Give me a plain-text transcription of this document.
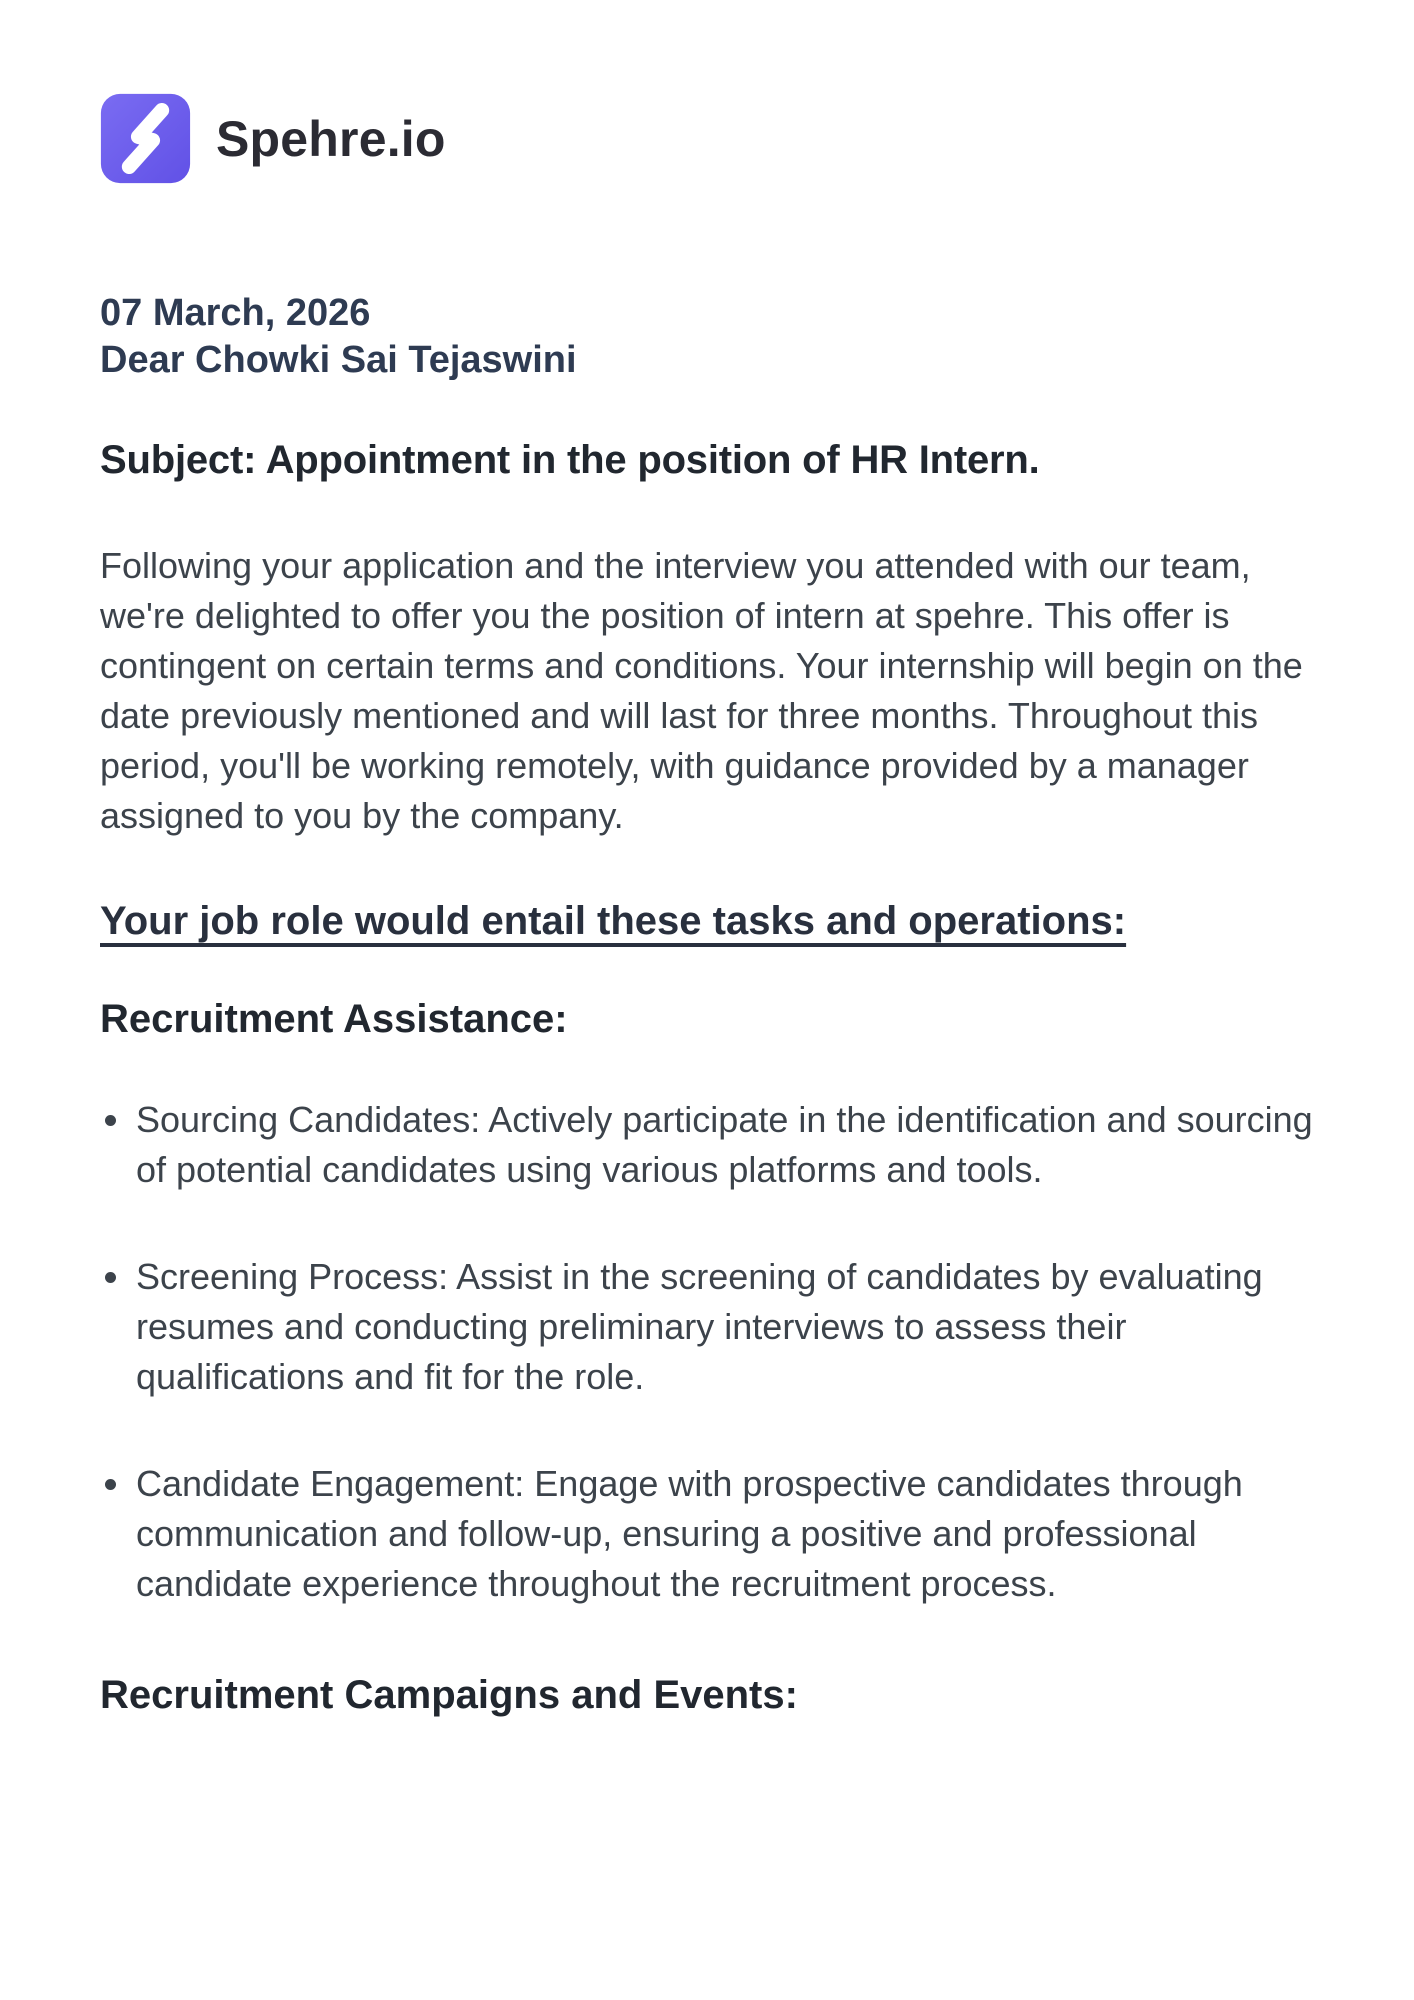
Spehre.io
07 March, 2026
Dear Chowki Sai Tejaswini

Subject: Appointment in the position of HR Intern.

Following your application and the interview you attended with our team, we're delighted to offer you the position of intern at spehre. This offer is contingent on certain terms and conditions. Your internship will begin on the date previously mentioned and will last for three months. Throughout this period, you'll be working remotely, with guidance provided by a manager assigned to you by the company.

Your job role would entail these tasks and operations:
Recruitment Assistance:
• Sourcing Candidates: Actively participate in the identification and sourcing of potential candidates using various platforms and tools.
• Screening Process: Assist in the screening of candidates by evaluating resumes and conducting preliminary interviews to assess their qualifications and fit for the role.
• Candidate Engagement: Engage with prospective candidates through communication and follow-up, ensuring a positive and professional candidate experience throughout the recruitment process.
Recruitment Campaigns and Events:
